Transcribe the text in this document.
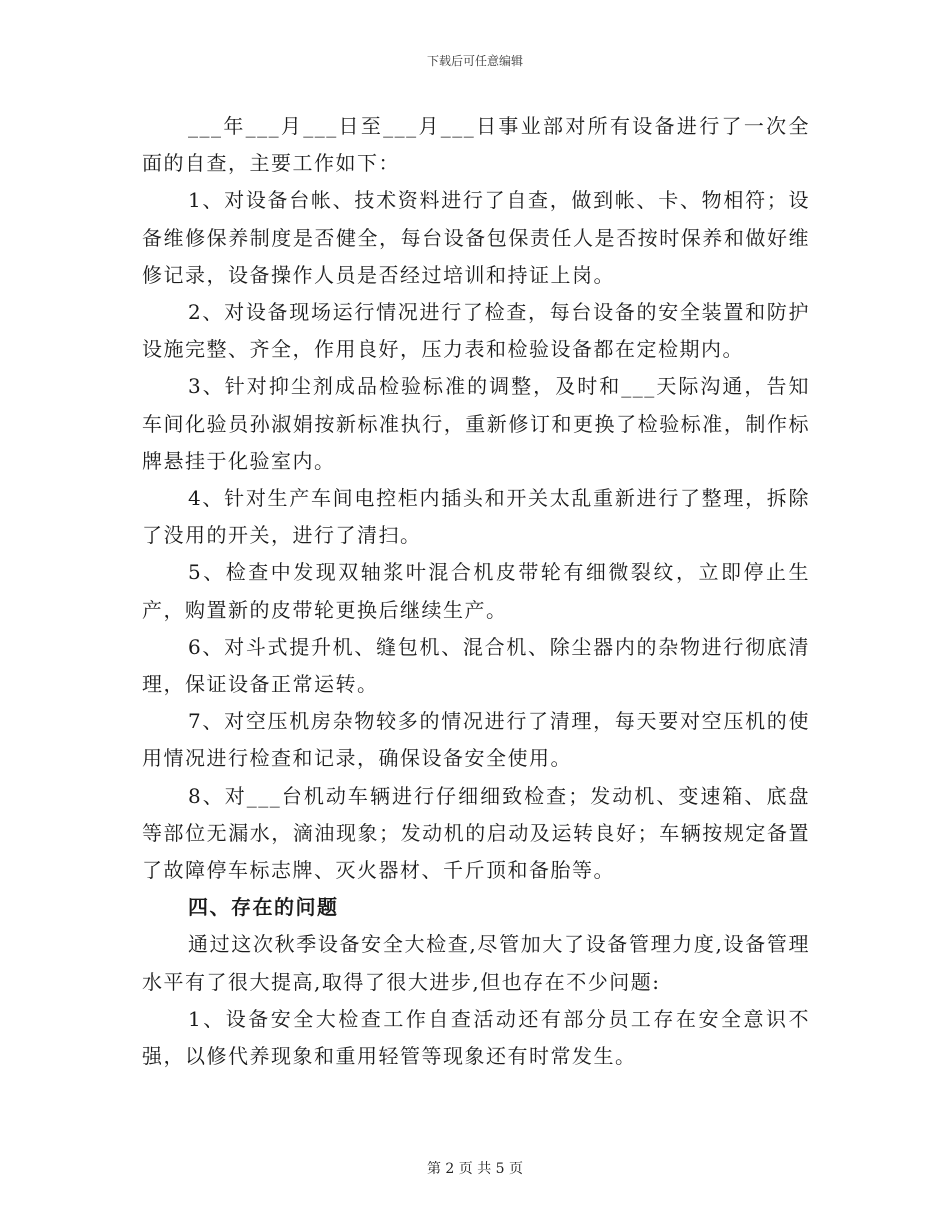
下载后可任意编辑

___年___月___日至___月___日事业部对所有设备进行了一次全面的自查，主要工作如下：

1、对设备台帐、技术资料进行了自查，做到帐、卡、物相符；设备维修保养制度是否健全，每台设备包保责任人是否按时保养和做好维修记录，设备操作人员是否经过培训和持证上岗。

2、对设备现场运行情况进行了检查，每台设备的安全装置和防护设施完整、齐全，作用良好，压力表和检验设备都在定检期内。

3、针对抑尘剂成品检验标准的调整，及时和___天际沟通，告知车间化验员孙淑娟按新标准执行，重新修订和更换了检验标准，制作标牌悬挂于化验室内。

4、针对生产车间电控柜内插头和开关太乱重新进行了整理，拆除了没用的开关，进行了清扫。

5、检查中发现双轴浆叶混合机皮带轮有细微裂纹，立即停止生产，购置新的皮带轮更换后继续生产。

6、对斗式提升机、缝包机、混合机、除尘器内的杂物进行彻底清理，保证设备正常运转。

7、对空压机房杂物较多的情况进行了清理，每天要对空压机的使用情况进行检查和记录，确保设备安全使用。

8、对___台机动车辆进行仔细细致检查；发动机、变速箱、底盘等部位无漏水，滴油现象；发动机的启动及运转良好；车辆按规定备置了故障停车标志牌、灭火器材、千斤顶和备胎等。

四、存在的问题

通过这次秋季设备安全大检查,尽管加大了设备管理力度,设备管理水平有了很大提高,取得了很大进步,但也存在不少问题:

1、设备安全大检查工作自查活动还有部分员工存在安全意识不强，以修代养现象和重用轻管等现象还有时常发生。

第 2 页 共 5 页
